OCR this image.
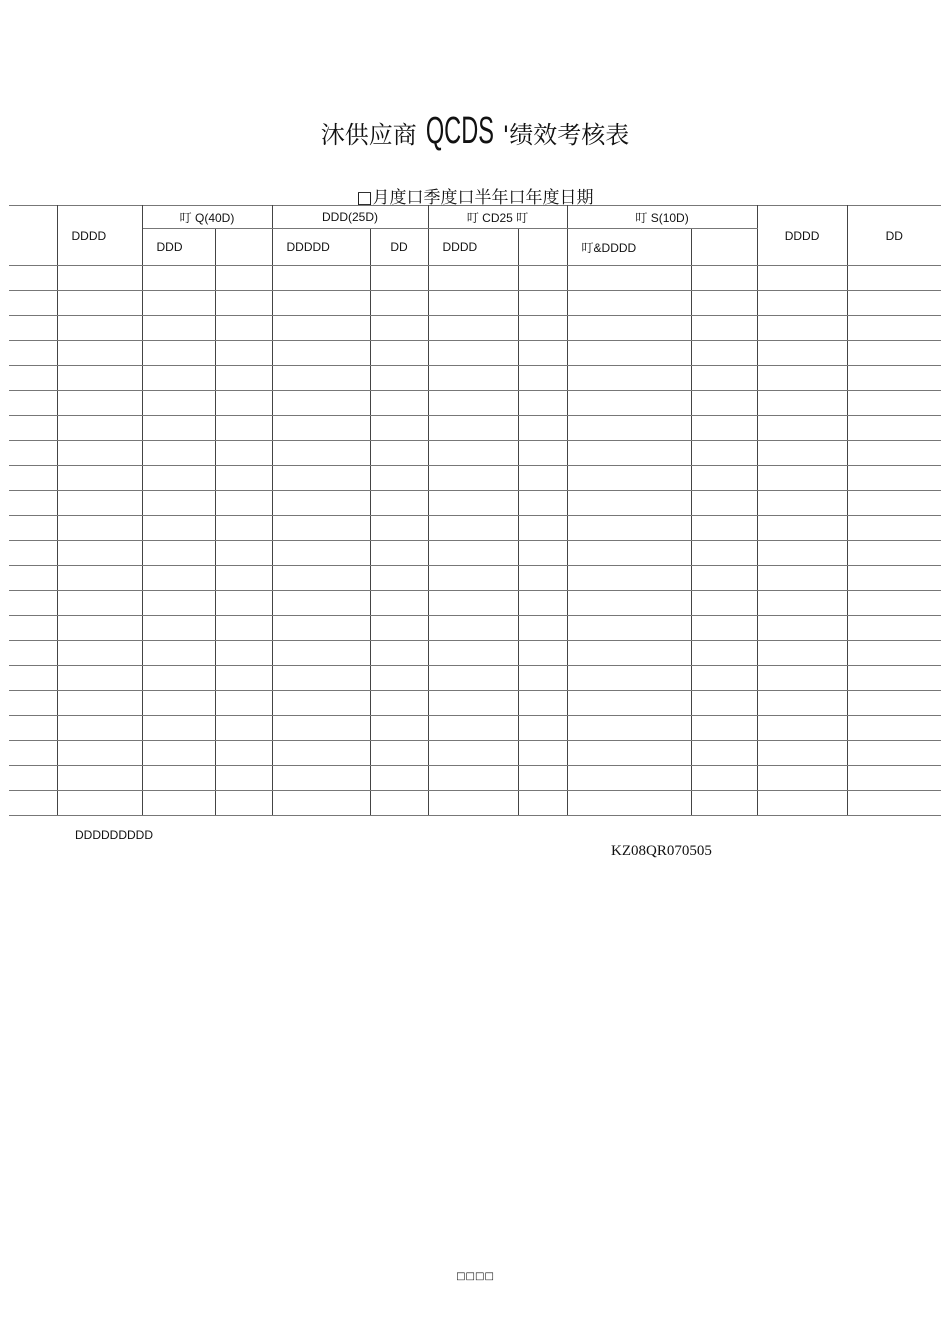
沐供应商 QCDS '绩效考核表
□月度口季度口半年口年度日期
	DDDD	叮 Q(40D)		DDD(25D)		叮 CD25 叮		叮 S(10D)		DDDD	DD
		DDD		DDDDD	DD	DDDD		叮&DDDD			

DDDDDDDDD
KZ08QR070505
□□□□
